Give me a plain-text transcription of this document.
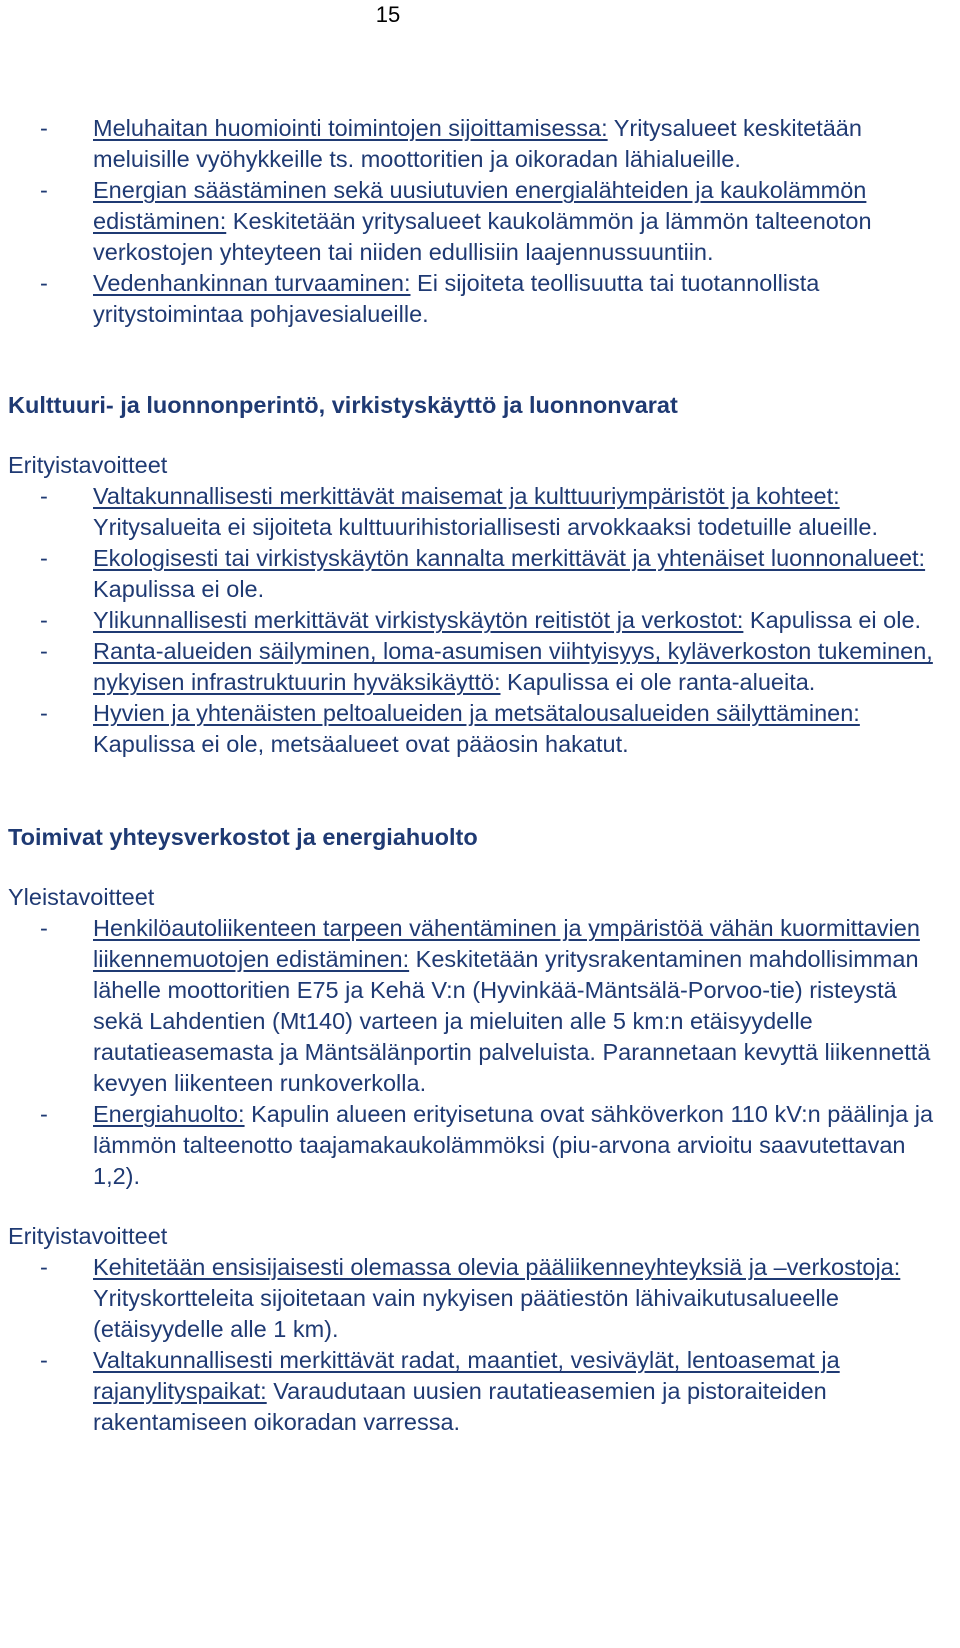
15
- Meluhaitan huomiointi toimintojen sijoittamisessa: Yritysalueet keskitetään meluisille vyöhykkeille ts. moottoritien ja oikoradan lähialueille.
- Energian säästäminen sekä uusiutuvien energialähteiden ja kaukolämmön edistäminen: Keskitetään yritysalueet kaukolämmön ja lämmön talteenoton verkostojen yhteyteen tai niiden edullisiin laajennussuuntiin.
- Vedenhankinnan turvaaminen: Ei sijoiteta teollisuutta tai tuotannollista yritystoimintaa pohjavesialueille.
Kulttuuri- ja luonnonperintö, virkistyskäyttö ja luonnonvarat
Erityistavoitteet
- Valtakunnallisesti merkittävät maisemat ja kulttuuriympäristöt ja kohteet: Yritysalueita ei sijoiteta kulttuurihistoriallisesti arvokkaaksi todetuille alueille.
- Ekologisesti tai virkistyskäytön kannalta merkittävät ja yhtenäiset luonnonalueet: Kapulissa ei ole.
- Ylikunnallisesti merkittävät virkistyskäytön reitistöt ja verkostot: Kapulissa ei ole.
- Ranta-alueiden säilyminen, loma-asumisen viihtyisyys, kyläverkoston tukeminen, nykyisen infrastruktuurin hyväksikäyttö: Kapulissa ei ole ranta-alueita.
- Hyvien ja yhtenäisten peltoalueiden ja metsätalousalueiden säilyttäminen: Kapulissa ei ole, metsäalueet ovat pääosin hakatut.
Toimivat yhteysverkostot ja energiahuolto
Yleistavoitteet
- Henkilöautoliikenteen tarpeen vähentäminen ja ympäristöä vähän kuormittavien liikennemuotojen edistäminen: Keskitetään yritysrakentaminen mahdollisimman lähelle moottoritien E75 ja Kehä V:n (Hyvinkää-Mäntsälä-Porvoo-tie) risteystä sekä Lahdentien (Mt140) varteen ja mieluiten alle 5 km:n etäisyydelle rautatieasemasta ja Mäntsälänportin palveluista. Parannetaan kevyttä liikennettä kevyen liikenteen runkoverkolla.
- Energiahuolto: Kapulin alueen erityisetuna ovat sähköverkon 110 kV:n päälinja ja lämmön talteenotto taajamakaukolämmöksi (piu-arvona arvioitu saavutettavan 1,2).
Erityistavoitteet
- Kehitetään ensisijaisesti olemassa olevia pääliikenneyhteyksiä ja –verkostoja: Yrityskortteleita sijoitetaan vain nykyisen päätiestön lähivaikutusalueelle (etäisyydelle alle 1 km).
- Valtakunnallisesti merkittävät radat, maantiet, vesiväylät, lentoasemat ja rajanylityspaikat: Varaudutaan uusien rautatieasemien ja pistoraiteiden rakentamiseen oikoradan varressa.
